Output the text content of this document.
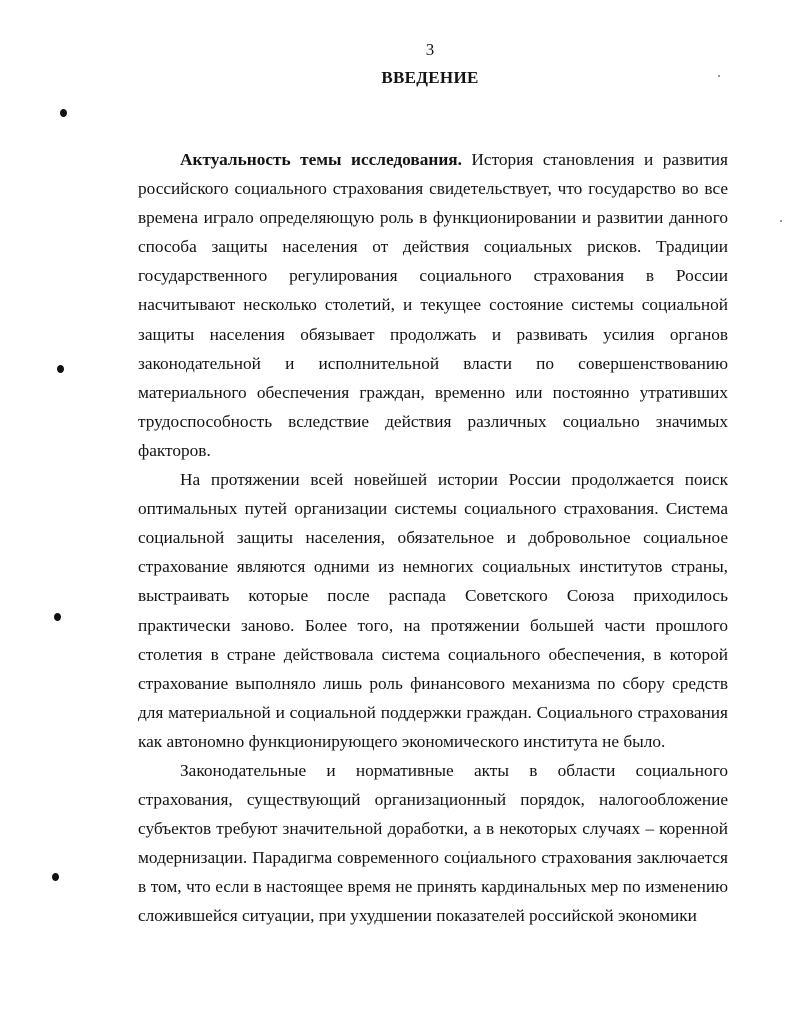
3
ВВЕДЕНИЕ

Актуальность темы исследования. История становления и развития российского социального страхования свидетельствует, что государство во все времена играло определяющую роль в функционировании и развитии данного способа защиты населения от действия социальных рисков. Традиции государственного регулирования социального страхования в России насчитывают несколько столетий, и текущее состояние системы социальной защиты населения обязывает продолжать и развивать усилия органов законодательной и исполнительной власти по совершенствованию материального обеспечения граждан, временно или постоянно утративших трудоспособность вследствие действия различных социально значимых факторов.

На протяжении всей новейшей истории России продолжается поиск оптимальных путей организации системы социального страхования. Система социальной защиты населения, обязательное и добровольное социальное страхование являются одними из немногих социальных институтов страны, выстраивать которые после распада Советского Союза приходилось практически заново. Более того, на протяжении большей части прошлого столетия в стране действовала система социального обеспечения, в которой страхование выполняло лишь роль финансового механизма по сбору средств для материальной и социальной поддержки граждан. Социального страхования как автономно функционирующего экономического института не было.

Законодательные и нормативные акты в области социального страхования, существующий организационный порядок, налогообложение субъектов требуют значительной доработки, а в некоторых случаях – коренной модернизации. Парадигма современного социального страхования заключается в том, что если в настоящее время не принять кардинальных мер по изменению сложившейся ситуации, при ухудшении показателей российской экономики
